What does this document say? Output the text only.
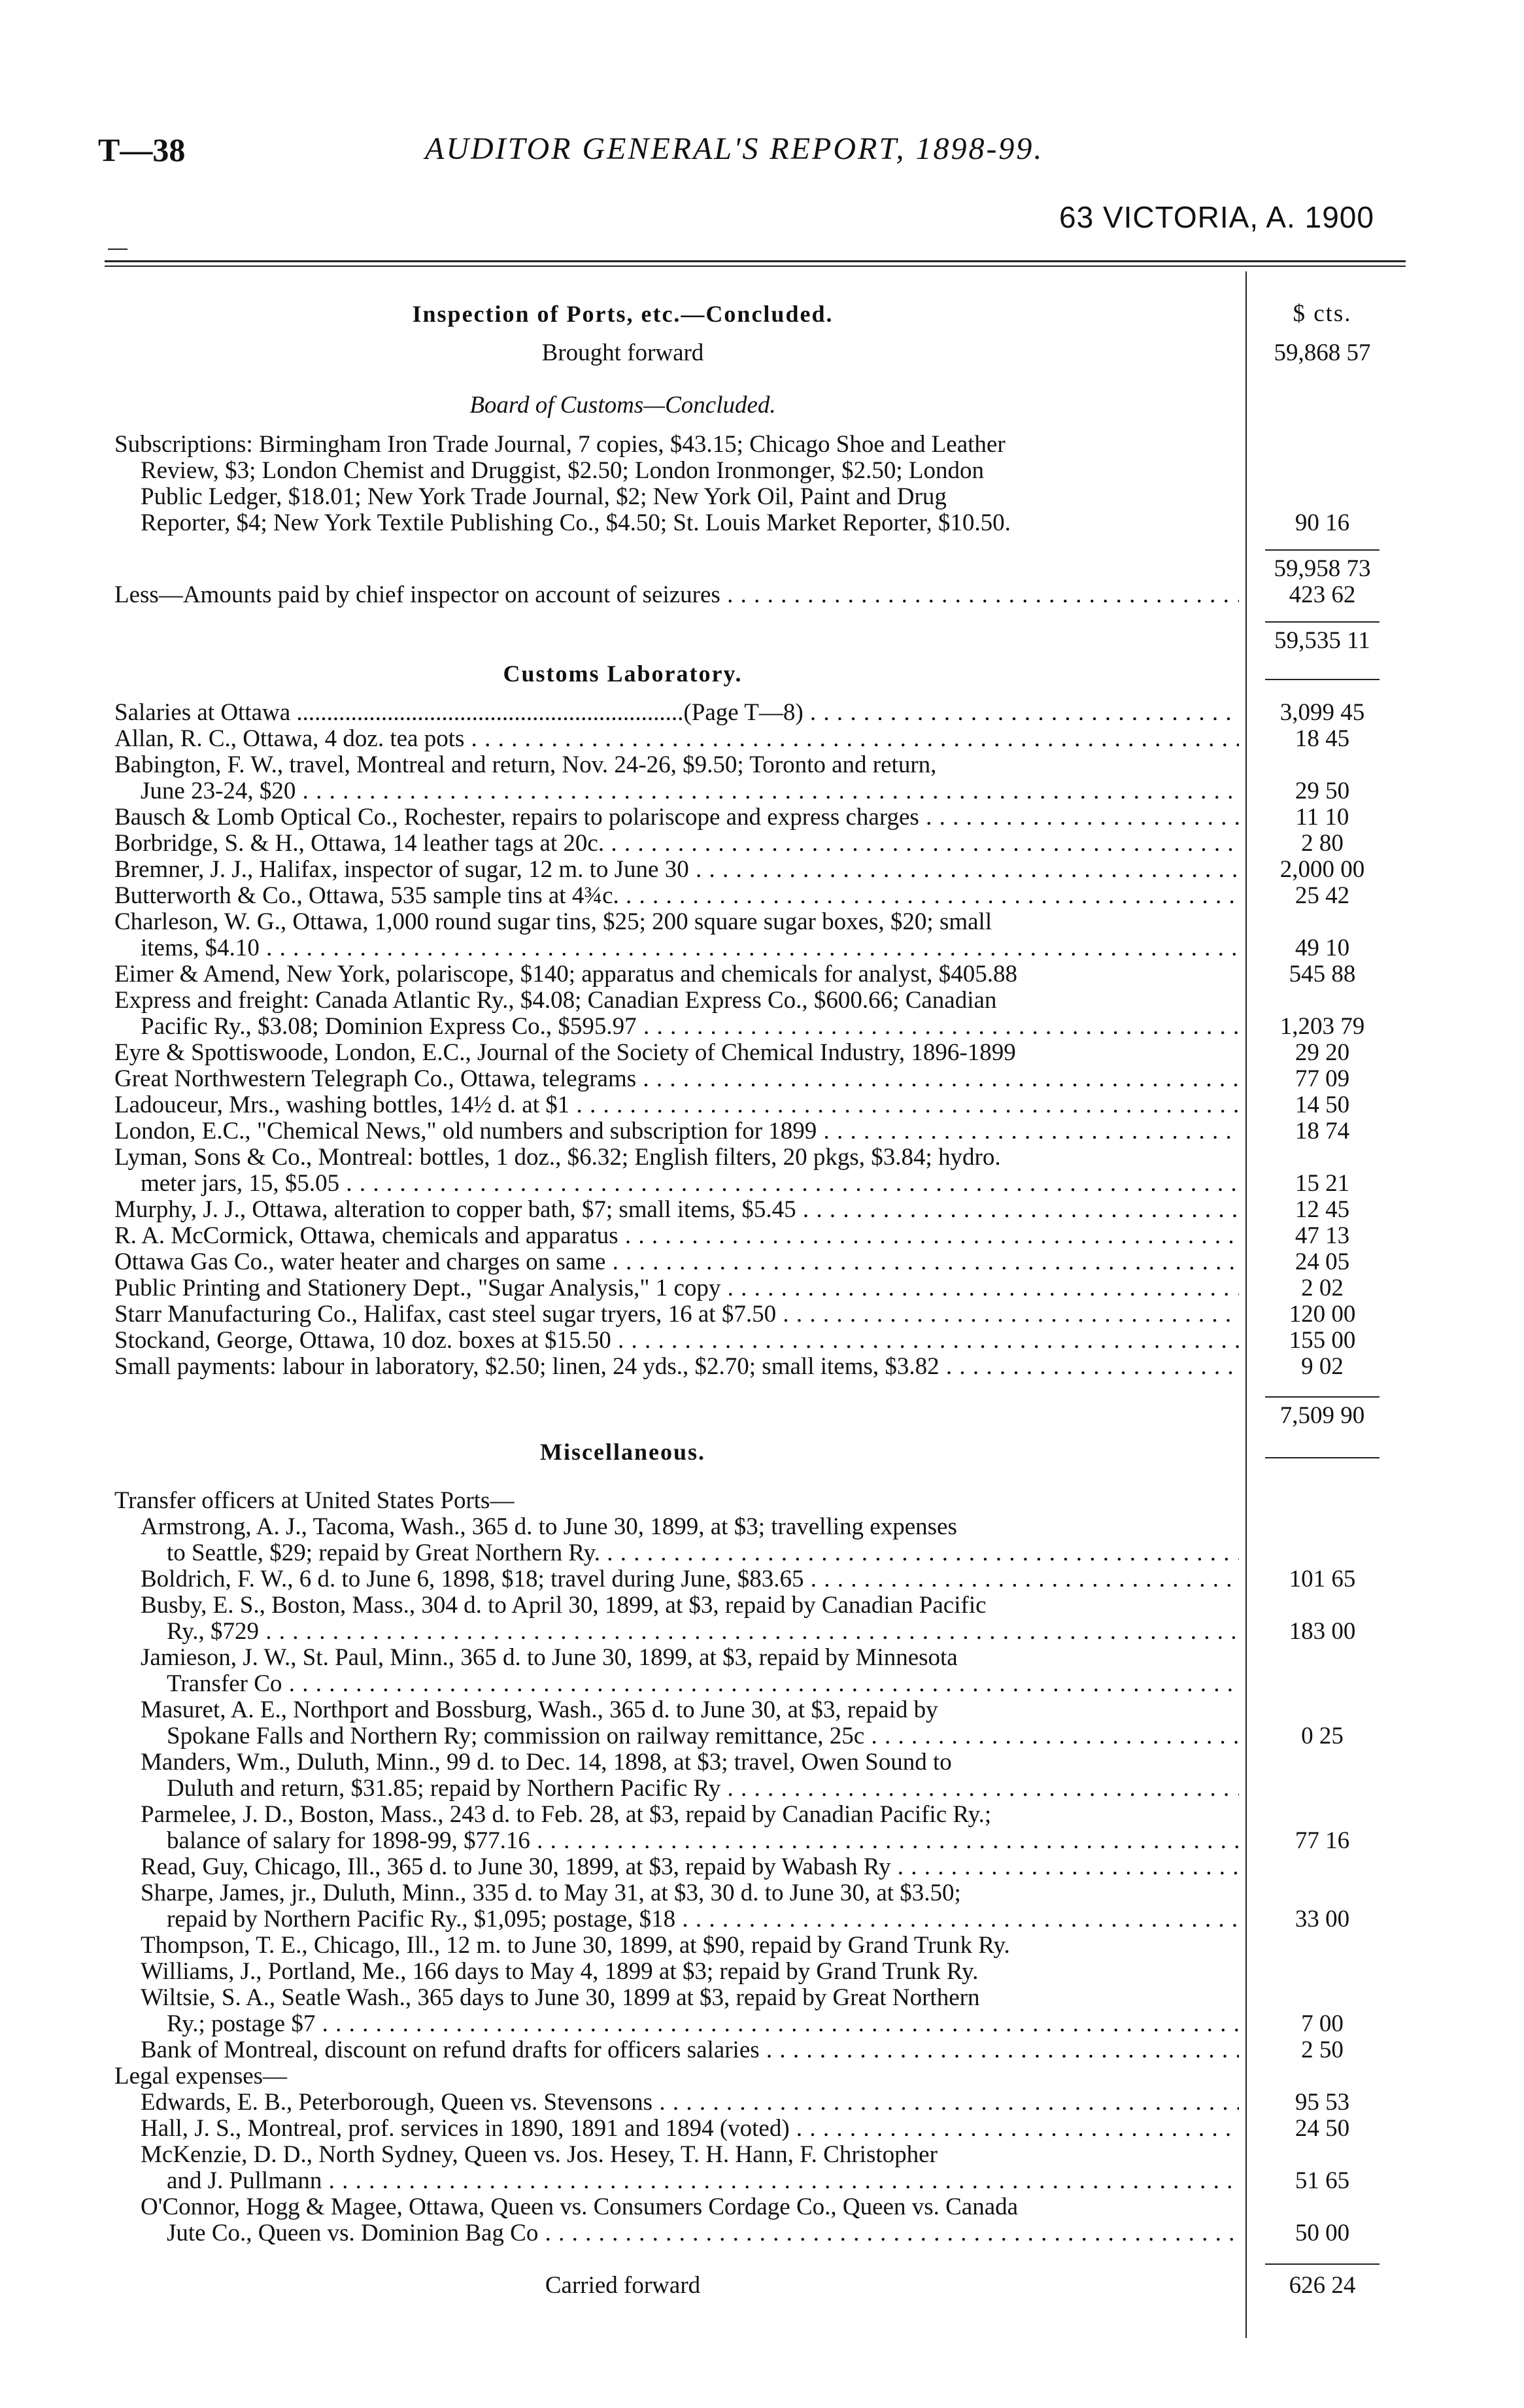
T—38	AUDITOR GENERAL'S REPORT, 1898-99.
63 VICTORIA, A. 1900
Inspection of Ports, etc.—Concluded.	$ cts.
Brought forward	59,868 57
Board of Customs—Concluded.
Subscriptions: Birmingham Iron Trade Journal, 7 copies, $43.15; Chicago Shoe and Leather
Review, $3; London Chemist and Druggist, $2.50; London Ironmonger, $2.50; London
Public Ledger, $18.01; New York Trade Journal, $2; New York Oil, Paint and Drug
Reporter, $4; New York Textile Publishing Co., $4.50; St. Louis Market Reporter, $10.50.	90 16
59,958 73
Less—Amounts paid by chief inspector on account of seizures . . .	423 62
59,535 11
Customs Laboratory.
Salaries at Ottawa ................................................................(Page T—8) . . .	3,099 45
Allan, R. C., Ottawa, 4 doz. tea pots . . .	18 45
Babington, F. W., travel, Montreal and return, Nov. 24-26, $9.50; Toronto and return,
June 23-24, $20 . . .	29 50
Bausch & Lomb Optical Co., Rochester, repairs to polariscope and express charges . . .	11 10
Borbridge, S. & H., Ottawa, 14 leather tags at 20c. . . .	2 80
Bremner, J. J., Halifax, inspector of sugar, 12 m. to June 30 . . .	2,000 00
Butterworth & Co., Ottawa, 535 sample tins at 4¾c. . . .	25 42
Charleson, W. G., Ottawa, 1,000 round sugar tins, $25; 200 square sugar boxes, $20; small
items, $4.10 . . .	49 10
Eimer & Amend, New York, polariscope, $140; apparatus and chemicals for analyst, $405.88	545 88
Express and freight: Canada Atlantic Ry., $4.08; Canadian Express Co., $600.66; Canadian
Pacific Ry., $3.08; Dominion Express Co., $595.97 . . .	1,203 79
Eyre & Spottiswoode, London, E.C., Journal of the Society of Chemical Industry, 1896-1899	29 20
Great Northwestern Telegraph Co., Ottawa, telegrams . . .	77 09
Ladouceur, Mrs., washing bottles, 14½ d. at $1 . . .	14 50
London, E.C., "Chemical News," old numbers and subscription for 1899 . . .	18 74
Lyman, Sons & Co., Montreal: bottles, 1 doz., $6.32; English filters, 20 pkgs, $3.84; hydro.
meter jars, 15, $5.05 . . .	15 21
Murphy, J. J., Ottawa, alteration to copper bath, $7; small items, $5.45 . . .	12 45
R. A. McCormick, Ottawa, chemicals and apparatus . . .	47 13
Ottawa Gas Co., water heater and charges on same . . .	24 05
Public Printing and Stationery Dept., "Sugar Analysis," 1 copy . . .	2 02
Starr Manufacturing Co., Halifax, cast steel sugar tryers, 16 at $7.50 . . .	120 00
Stockand, George, Ottawa, 10 doz. boxes at $15.50 . . .	155 00
Small payments: labour in laboratory, $2.50; linen, 24 yds., $2.70; small items, $3.82 . . .	9 02
7,509 90
Miscellaneous.
Transfer officers at United States Ports—
Armstrong, A. J., Tacoma, Wash., 365 d. to June 30, 1899, at $3; travelling expenses
to Seattle, $29; repaid by Great Northern Ry. . . .
Boldrich, F. W., 6 d. to June 6, 1898, $18; travel during June, $83.65 . . .	101 65
Busby, E. S., Boston, Mass., 304 d. to April 30, 1899, at $3, repaid by Canadian Pacific
Ry., $729 . . .	183 00
Jamieson, J. W., St. Paul, Minn., 365 d. to June 30, 1899, at $3, repaid by Minnesota
Transfer Co . . .
Masuret, A. E., Northport and Bossburg, Wash., 365 d. to June 30, at $3, repaid by
Spokane Falls and Northern Ry; commission on railway remittance, 25c . . .	0 25
Manders, Wm., Duluth, Minn., 99 d. to Dec. 14, 1898, at $3; travel, Owen Sound to
Duluth and return, $31.85; repaid by Northern Pacific Ry . . .
Parmelee, J. D., Boston, Mass., 243 d. to Feb. 28, at $3, repaid by Canadian Pacific Ry.;
balance of salary for 1898-99, $77.16 . . .	77 16
Read, Guy, Chicago, Ill., 365 d. to June 30, 1899, at $3, repaid by Wabash Ry . . .
Sharpe, James, jr., Duluth, Minn., 335 d. to May 31, at $3, 30 d. to June 30, at $3.50;
repaid by Northern Pacific Ry., $1,095; postage, $18 . . .	33 00
Thompson, T. E., Chicago, Ill., 12 m. to June 30, 1899, at $90, repaid by Grand Trunk Ry.
Williams, J., Portland, Me., 166 days to May 4, 1899 at $3; repaid by Grand Trunk Ry.
Wiltsie, S. A., Seatle Wash., 365 days to June 30, 1899 at $3, repaid by Great Northern
Ry.; postage $7 . . .	7 00
Bank of Montreal, discount on refund drafts for officers salaries . . .	2 50
Legal expenses—
Edwards, E. B., Peterborough, Queen vs. Stevensons . . .	95 53
Hall, J. S., Montreal, prof. services in 1890, 1891 and 1894 (voted) . . .	24 50
McKenzie, D. D., North Sydney, Queen vs. Jos. Hesey, T. H. Hann, F. Christopher
and J. Pullmann . . .	51 65
O'Connor, Hogg & Magee, Ottawa, Queen vs. Consumers Cordage Co., Queen vs. Canada
Jute Co., Queen vs. Dominion Bag Co . . .	50 00
Carried forward	626 24
